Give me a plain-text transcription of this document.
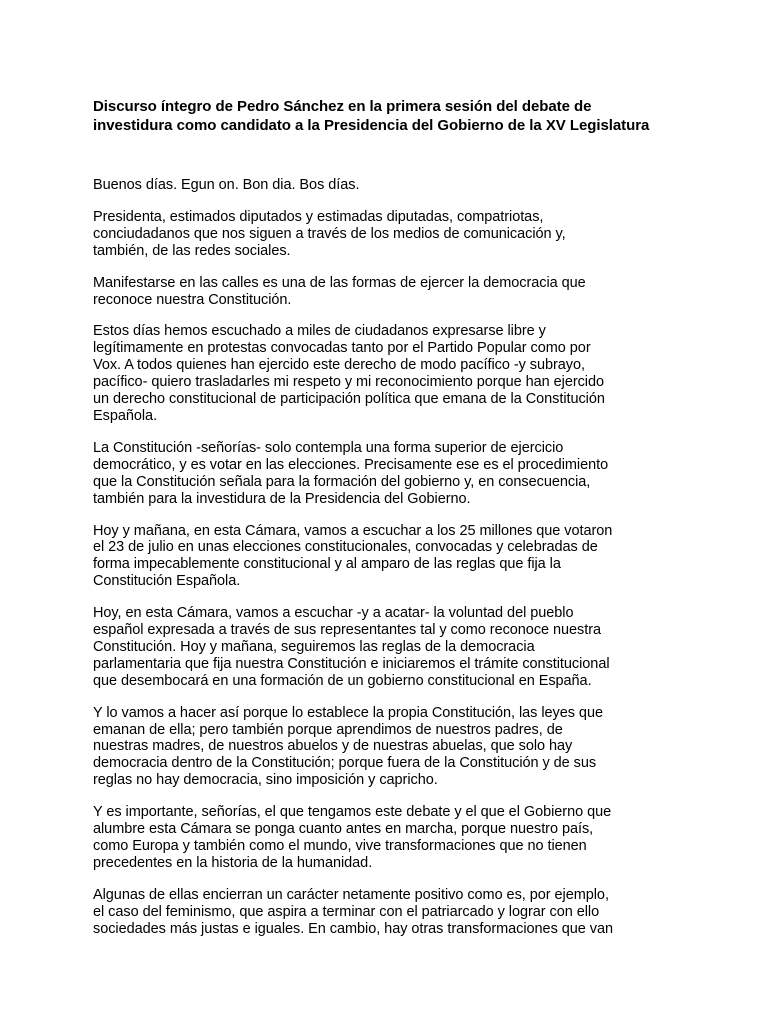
Discurso íntegro de Pedro Sánchez en la primera sesión del debate de
investidura como candidato a la Presidencia del Gobierno de la XV Legislatura
Buenos días. Egun on. Bon dia. Bos días.
Presidenta, estimados diputados y estimadas diputadas, compatriotas,
conciudadanos que nos siguen a través de los medios de comunicación y,
también, de las redes sociales.
Manifestarse en las calles es una de las formas de ejercer la democracia que
reconoce nuestra Constitución.
Estos días hemos escuchado a miles de ciudadanos expresarse libre y
legítimamente en protestas convocadas tanto por el Partido Popular como por
Vox. A todos quienes han ejercido este derecho de modo pacífico -y subrayo,
pacífico- quiero trasladarles mi respeto y mi reconocimiento porque han ejercido
un derecho constitucional de participación política que emana de la Constitución
Española.
La Constitución -señorías- solo contempla una forma superior de ejercicio
democrático, y es votar en las elecciones. Precisamente ese es el procedimiento
que la Constitución señala para la formación del gobierno y, en consecuencia,
también para la investidura de la Presidencia del Gobierno.
Hoy y mañana, en esta Cámara, vamos a escuchar a los 25 millones que votaron
el 23 de julio en unas elecciones constitucionales, convocadas y celebradas de
forma impecablemente constitucional y al amparo de las reglas que fija la
Constitución Española.
Hoy, en esta Cámara, vamos a escuchar -y a acatar- la voluntad del pueblo
español expresada a través de sus representantes tal y como reconoce nuestra
Constitución. Hoy y mañana, seguiremos las reglas de la democracia
parlamentaria que fija nuestra Constitución e iniciaremos el trámite constitucional
que desembocará en una formación de un gobierno constitucional en España.
Y lo vamos a hacer así porque lo establece la propia Constitución, las leyes que
emanan de ella; pero también porque aprendimos de nuestros padres, de
nuestras madres, de nuestros abuelos y de nuestras abuelas, que solo hay
democracia dentro de la Constitución; porque fuera de la Constitución y de sus
reglas no hay democracia, sino imposición y capricho.
Y es importante, señorías, el que tengamos este debate y el que el Gobierno que
alumbre esta Cámara se ponga cuanto antes en marcha, porque nuestro país,
como Europa y también como el mundo, vive transformaciones que no tienen
precedentes en la historia de la humanidad.
Algunas de ellas encierran un carácter netamente positivo como es, por ejemplo,
el caso del feminismo, que aspira a terminar con el patriarcado y lograr con ello
sociedades más justas e iguales. En cambio, hay otras transformaciones que van
